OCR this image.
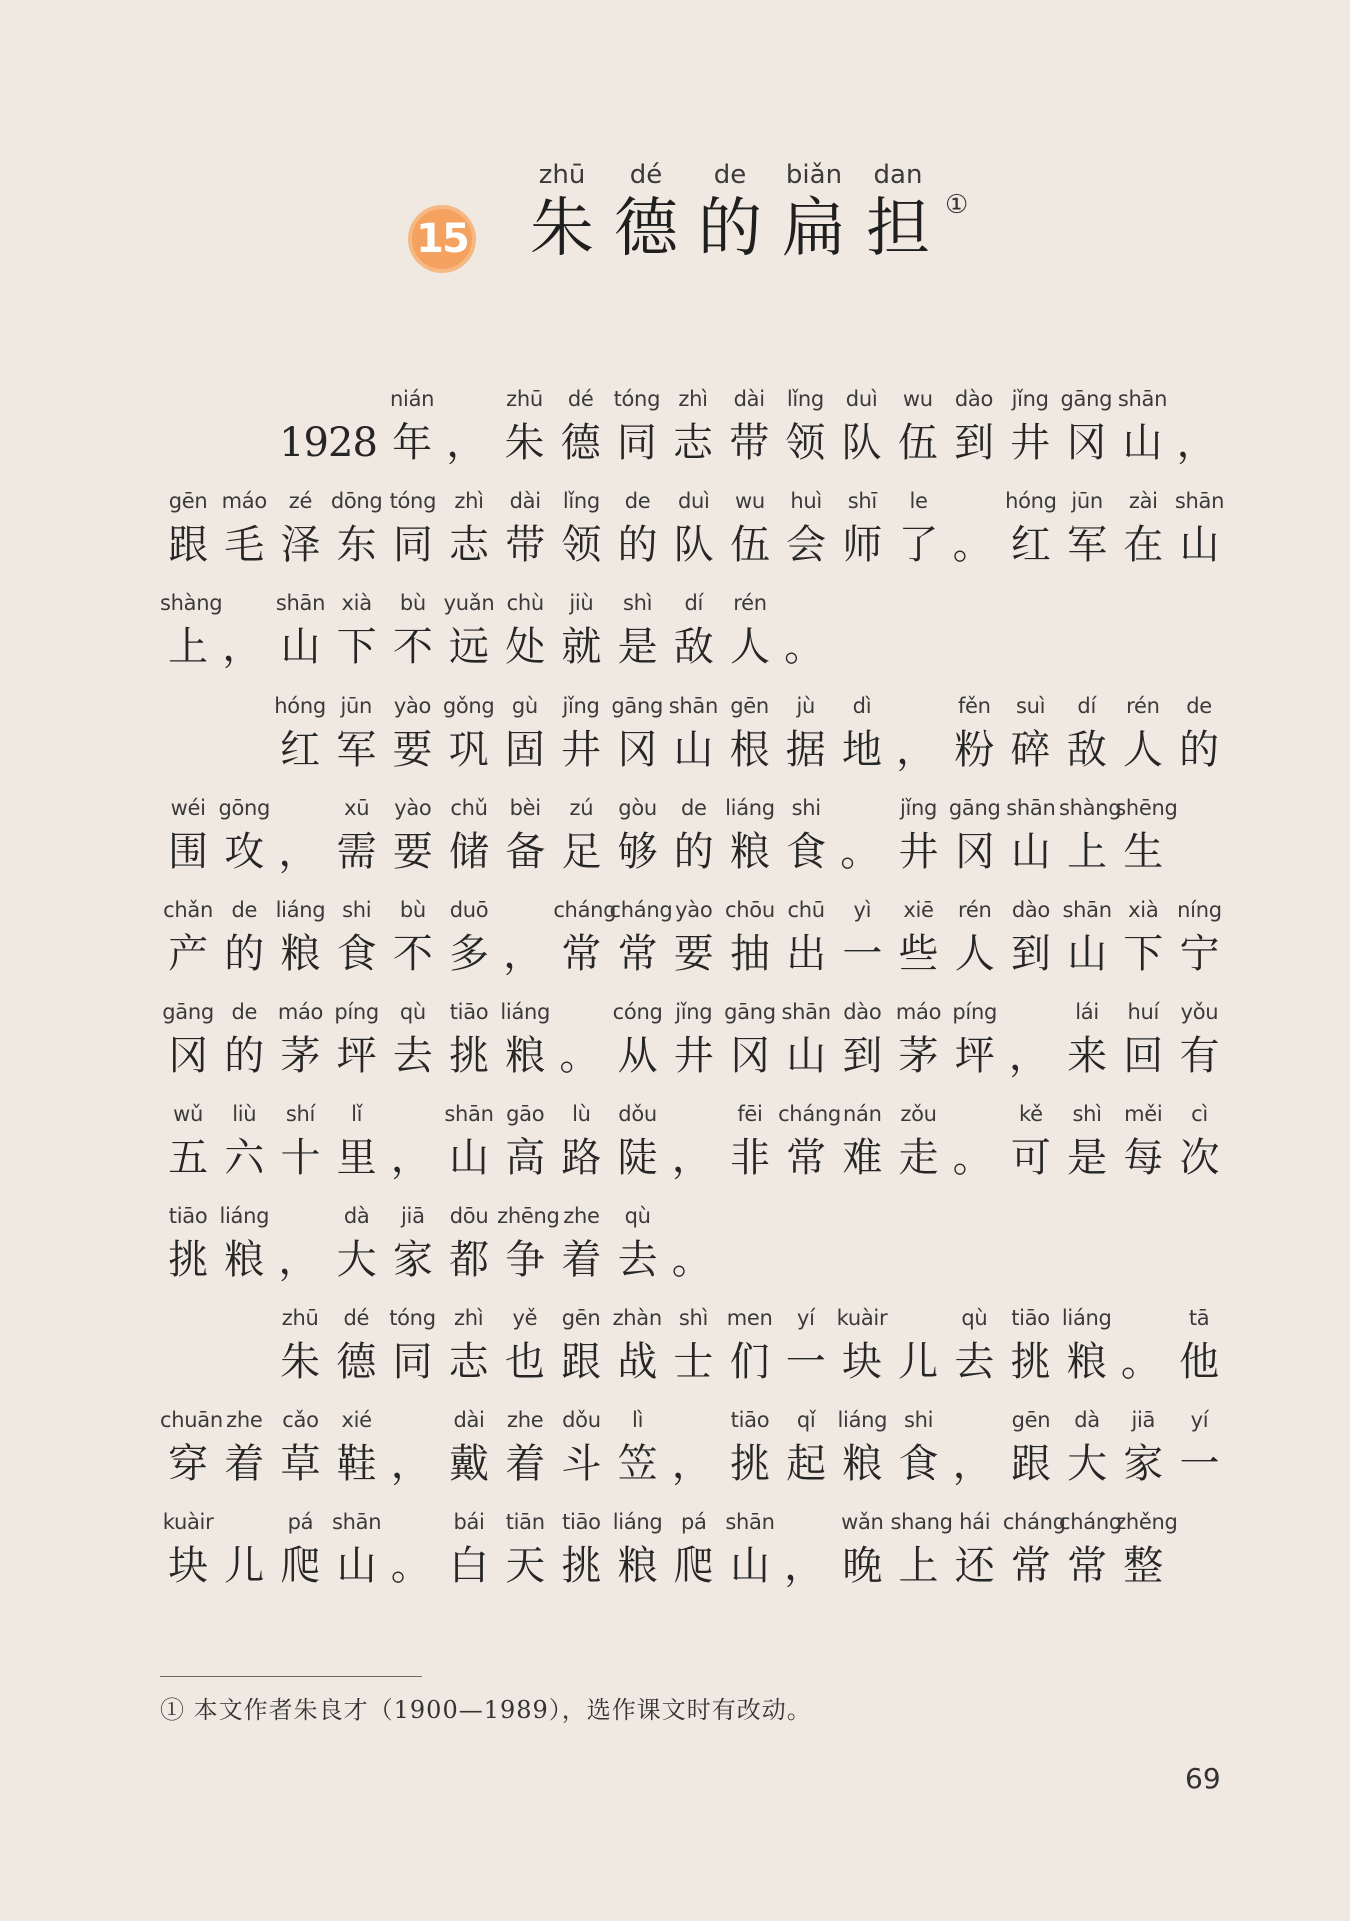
15
zhū
朱
dé
德
de
的
biǎn
扁
dan
担 ①
1928
nián
年 ，
zhū
朱
dé
德
tóng
同
zhì
志
dài
带
lǐng
领
duì
队
wu
伍
dào
到
jǐng
井
gāng
冈
shān
山 ，
gēn
跟
máo
毛
zé
泽
dōng
东
tóng
同
zhì
志
dài
带
lǐng
领
de
的
duì
队
wu
伍
huì
会
shī
师
le
了 。
hóng
红
jūn
军
zài
在
shān
山
shàng
上 ，
shān
山
xià
下
bù
不
yuǎn
远
chù
处
jiù
就
shì
是
dí
敌
rén
人 。
hóng
红
jūn
军
yào
要
gǒng
巩
gù
固
jǐng
井
gāng
冈
shān
山
gēn
根
jù
据
dì
地 ，
fěn
粉
suì
碎
dí
敌
rén
人
de
的
wéi
围
gōng
攻 ，
xū
需
yào
要
chǔ
储
bèi
备
zú
足
gòu
够
de
的
liáng
粮
shi
食 。
jǐng
井
gāng
冈
shān
山
shàng
上
shēng
生
chǎn
产
de
的
liáng
粮
shi
食
bù
不
duō
多 ，
cháng
常
cháng
常
yào
要
chōu
抽
chū
出
yì
一
xiē
些
rén
人
dào
到
shān
山
xià
下
níng
宁
gāng
冈
de
的
máo
茅
píng
坪
qù
去
tiāo
挑
liáng
粮 。
cóng
从
jǐng
井
gāng
冈
shān
山
dào
到
máo
茅
píng
坪 ，
lái
来
huí
回
yǒu
有
wǔ
五
liù
六
shí
十
lǐ
里 ，
shān
山
gāo
高
lù
路
dǒu
陡 ，
fēi
非
cháng
常
nán
难
zǒu
走 。
kě
可
shì
是
měi
每
cì
次
tiāo
挑
liáng
粮 ，
dà
大
jiā
家
dōu
都
zhēng
争
zhe
着
qù
去 。
zhū
朱
dé
德
tóng
同
zhì
志
yě
也
gēn
跟
zhàn
战
shì
士
men
们
yí
一
kuàir
块 儿
qù
去
tiāo
挑
liáng
粮 。
tā
他
chuān
穿
zhe
着
cǎo
草
xié
鞋 ，
dài
戴
zhe
着
dǒu
斗
lì
笠 ，
tiāo
挑
qǐ
起
liáng
粮
shi
食 ，
gēn
跟
dà
大
jiā
家
yí
一
kuàir
块 儿
pá
爬
shān
山 。
bái
白
tiān
天
tiāo
挑
liáng
粮
pá
爬
shān
山 ，
wǎn
晚
shang
上
hái
还
cháng
常
cháng
常
zhěng
整
① 本文作者朱良才（1900—1989），选作课文时有改动。
69
